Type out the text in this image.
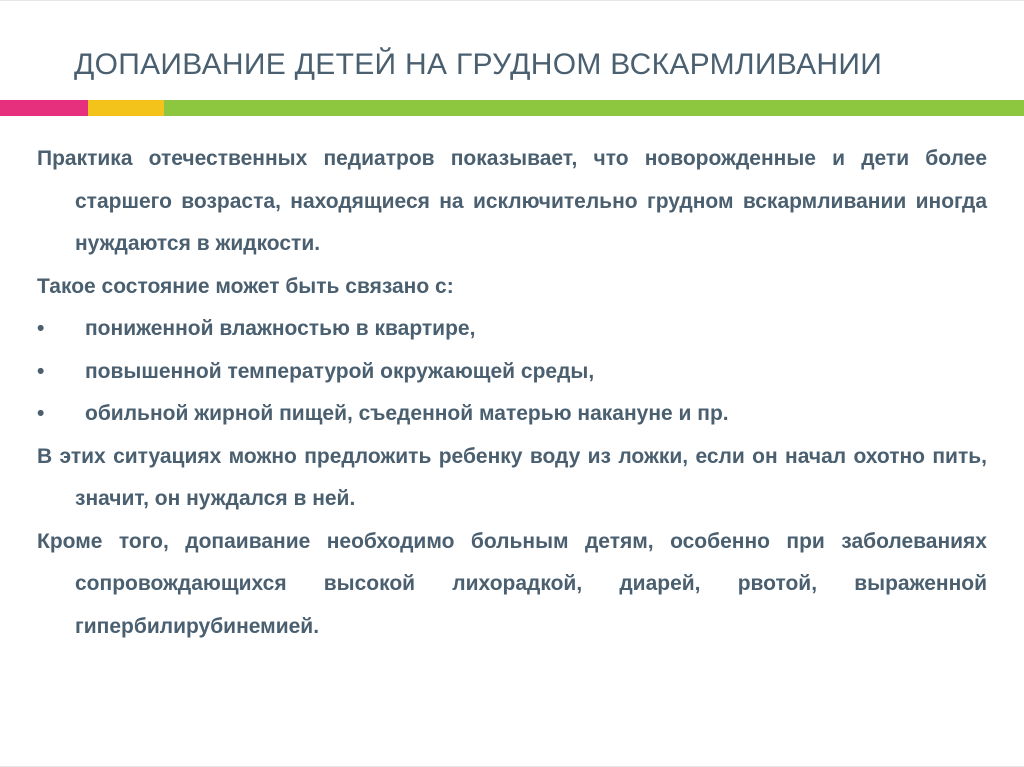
ДОПАИВАНИЕ ДЕТЕЙ НА ГРУДНОМ ВСКАРМЛИВАНИИ

Практика отечественных педиатров показывает, что новорожденные и дети более старшего возраста, находящиеся на исключительно грудном вскармливании иногда нуждаются в жидкости.

Такое состояние может быть связано с:

•	пониженной влажностью в квартире,
•	повышенной температурой окружающей среды,
•	обильной жирной пищей, съеденной матерью накануне и пр.

В этих ситуациях можно предложить ребенку воду из ложки, если он начал охотно пить, значит, он нуждался в ней.

Кроме того, допаивание необходимо больным детям, особенно при заболеваниях сопровождающихся высокой лихорадкой, диарей, рвотой, выраженной гипербилирубинемией.
